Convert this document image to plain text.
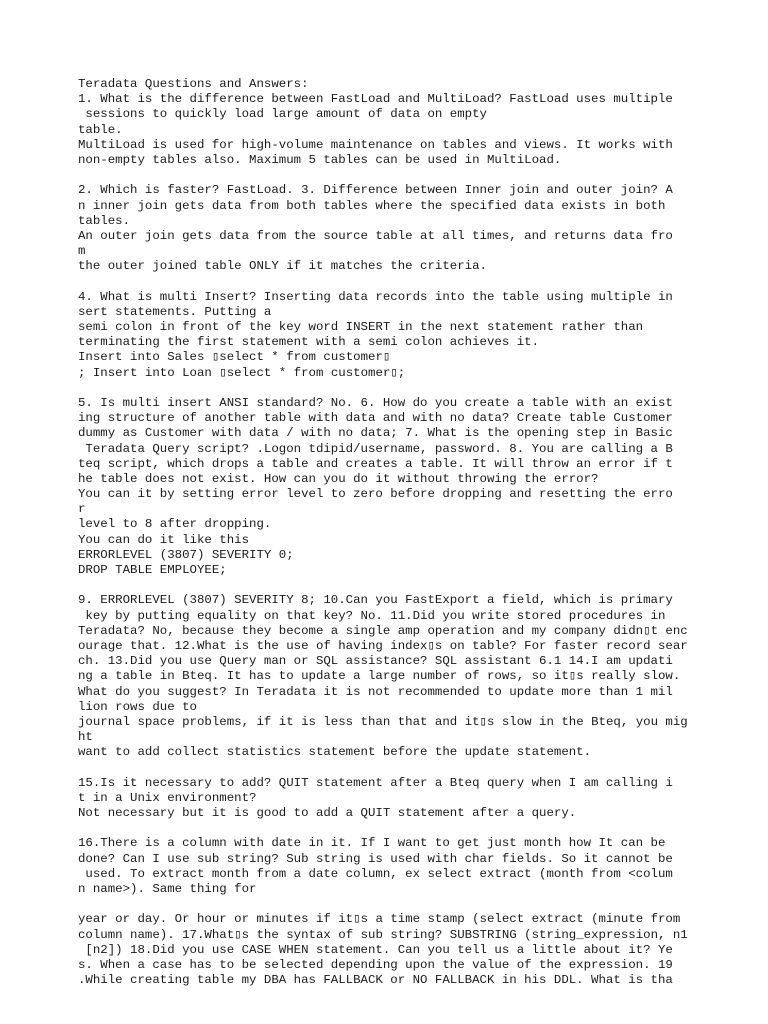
Teradata Questions and Answers:
1. What is the difference between FastLoad and MultiLoad? FastLoad uses multiple
sessions to quickly load large amount of data on empty
table.
MultiLoad is used for high-volume maintenance on tables and views. It works with
non-empty tables also. Maximum 5 tables can be used in MultiLoad.
2. Which is faster? FastLoad. 3. Difference between Inner join and outer join? A
n inner join gets data from both tables where the specified data exists in both
tables.
An outer join gets data from the source table at all times, and returns data fro
m
the outer joined table ONLY if it matches the criteria.
4. What is multi Insert? Inserting data records into the table using multiple in
sert statements. Putting a
semi colon in front of the key word INSERT in the next statement rather than
terminating the first statement with a semi colon achieves it.
Insert into Sales ▯select * from customer▯
; Insert into Loan ▯select * from customer▯;
5. Is multi insert ANSI standard? No. 6. How do you create a table with an exist
ing structure of another table with data and with no data? Create table Customer
dummy as Customer with data / with no data; 7. What is the opening step in Basic
Teradata Query script? .Logon tdipid/username, password. 8. You are calling a B
teq script, which drops a table and creates a table. It will throw an error if t
he table does not exist. How can you do it without throwing the error?
You can it by setting error level to zero before dropping and resetting the erro
r
level to 8 after dropping.
You can do it like this
ERRORLEVEL (3807) SEVERITY 0;
DROP TABLE EMPLOYEE;
9. ERRORLEVEL (3807) SEVERITY 8; 10.Can you FastExport a field, which is primary
key by putting equality on that key? No. 11.Did you write stored procedures in
Teradata? No, because they become a single amp operation and my company didn▯t enc
ourage that. 12.What is the use of having index▯s on table? For faster record sear
ch. 13.Did you use Query man or SQL assistance? SQL assistant 6.1 14.I am updati
ng a table in Bteq. It has to update a large number of rows, so it▯s really slow.
What do you suggest? In Teradata it is not recommended to update more than 1 mil
lion rows due to
journal space problems, if it is less than that and it▯s slow in the Bteq, you mig
ht
want to add collect statistics statement before the update statement.
15.Is it necessary to add? QUIT statement after a Bteq query when I am calling i
t in a Unix environment?
Not necessary but it is good to add a QUIT statement after a query.
16.There is a column with date in it. If I want to get just month how It can be
done? Can I use sub string? Sub string is used with char fields. So it cannot be
used. To extract month from a date column, ex select extract (month from <colum
n name>). Same thing for
year or day. Or hour or minutes if it▯s a time stamp (select extract (minute from
column name). 17.What▯s the syntax of sub string? SUBSTRING (string_expression, n1
[n2]) 18.Did you use CASE WHEN statement. Can you tell us a little about it? Ye
s. When a case has to be selected depending upon the value of the expression. 19
.While creating table my DBA has FALLBACK or NO FALLBACK in his DDL. What is tha
